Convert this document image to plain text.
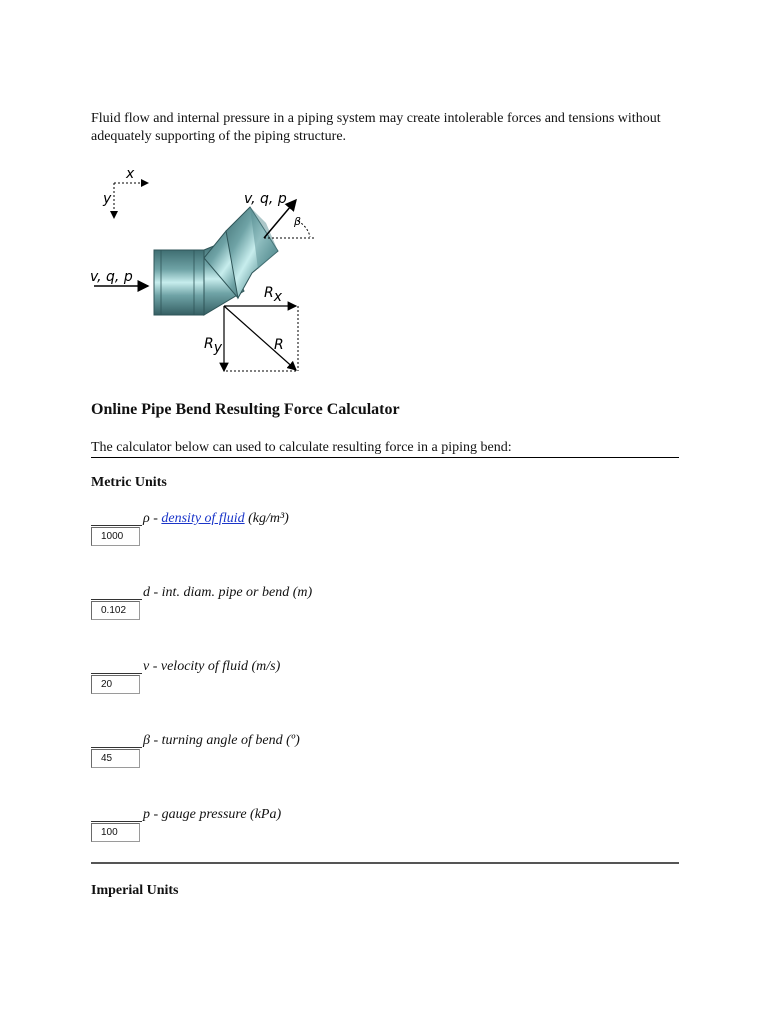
Fluid flow and internal pressure in a piping system may create intolerable forces and tensions without adequately supporting of the piping structure.
x
y
v, q, p
v, q, p
β
Rx
Ry	R
Online Pipe Bend Resulting Force Calculator
The calculator below can used to calculate resulting force in a piping bend:
Metric Units
1000
ρ - density of fluid (kg/m³)
0.102
d - int. diam. pipe or bend (m)
20
v - velocity of fluid (m/s)
45
β - turning angle of bend (º)
100
p - gauge pressure (kPa)
Imperial Units
